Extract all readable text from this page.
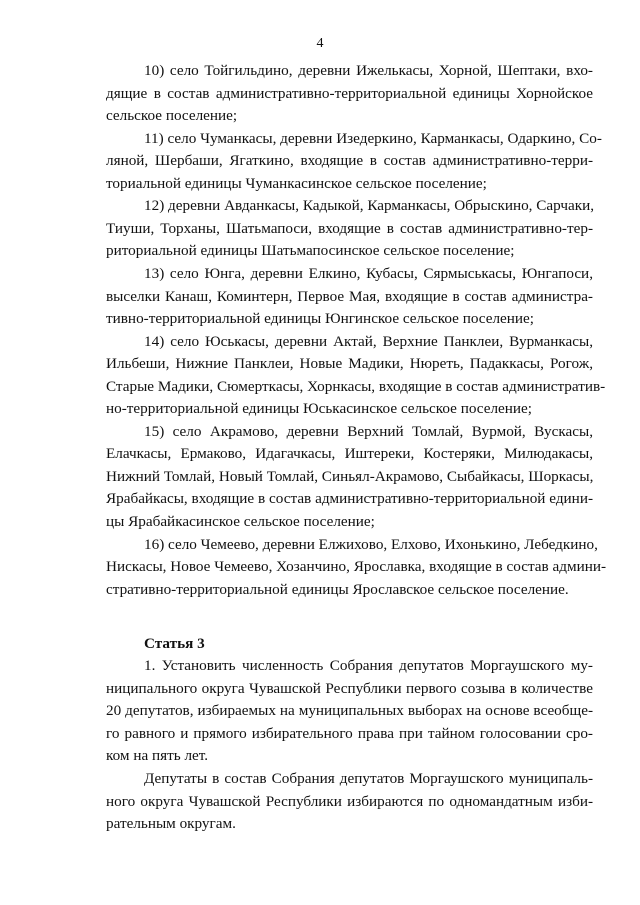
4
10) село Тойгильдино, деревни Ижелькасы, Хорной, Шептаки, вхо-
дящие в состав административно-территориальной единицы Хорнойское
сельское поселение;
11) село Чуманкасы, деревни Изедеркино, Карманкасы, Одаркино, Со-
ляной, Шербаши, Ягаткино, входящие в состав административно-терри-
ториальной единицы Чуманкасинское сельское поселение;
12) деревни Авданкасы, Кадыкой, Карманкасы, Обрыскино, Сарчаки,
Тиуши, Торханы, Шатьмапоси, входящие в состав административно-тер-
риториальной единицы Шатьмапосинское сельское поселение;
13) село Юнга, деревни Елкино, Кубасы, Сярмыськасы, Юнгапоси,
выселки Канаш, Коминтерн, Первое Мая, входящие в состав администра-
тивно-территориальной единицы Юнгинское сельское поселение;
14) село Юськасы, деревни Актай, Верхние Панклеи, Вурманкасы,
Ильбеши, Нижние Панклеи, Новые Мадики, Нюреть, Падаккасы, Рогож,
Старые Мадики, Сюмерткасы, Хорнкасы, входящие в состав административ-
но-территориальной единицы Юськасинское сельское поселение;
15) село Акрамово, деревни Верхний Томлай, Вурмой, Вускасы,
Елачкасы, Ермаково, Идагачкасы, Иштереки, Костеряки, Милюдакасы,
Нижний Томлай, Новый Томлай, Синьял-Акрамово, Сыбайкасы, Шоркасы,
Ярабайкасы, входящие в состав административно-территориальной едини-
цы Ярабайкасинское сельское поселение;
16) село Чемеево, деревни Елжихово, Елхово, Ихонькино, Лебедкино,
Нискасы, Новое Чемеево, Хозанчино, Ярославка, входящие в состав админи-
стративно-территориальной единицы Ярославское сельское поселение.
Статья 3
1. Установить численность Собрания депутатов Моргаушского му-
ниципального округа Чувашской Республики первого созыва в количестве
20 депутатов, избираемых на муниципальных выборах на основе всеобще-
го равного и прямого избирательного права при тайном голосовании сро-
ком на пять лет.
Депутаты в состав Собрания депутатов Моргаушского муниципаль-
ного округа Чувашской Республики избираются по одномандатным изби-
рательным округам.
